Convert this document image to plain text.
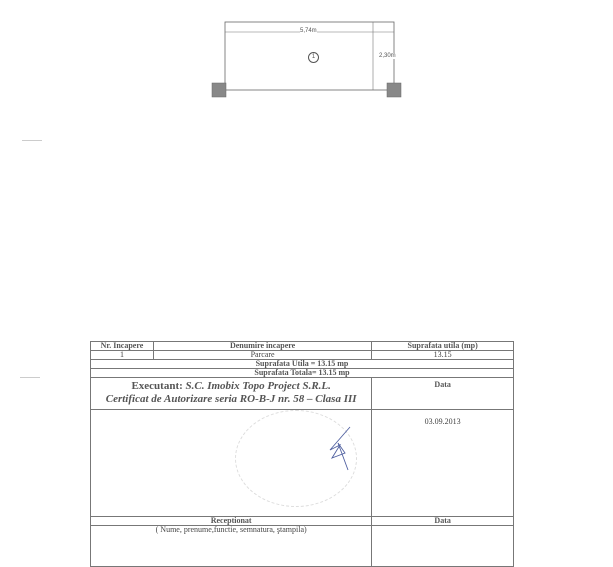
5,74m
2,30m
1
Nr. Incapere	Denumire incapere	Suprafata utila (mp)
1	Parcare	13.15
Suprafata Utila = 13.15 mp		
Suprafata Totala= 13.15 mp		
Executant: S.C. Imobix Topo Project S.R.L.
Certificat de Autorizare seria RO-B-J nr. 58 – Clasa III		Data
		03.09.2013
Receptionat		Data
( Nume, prenume,functie, semnatura, ştampila)		
